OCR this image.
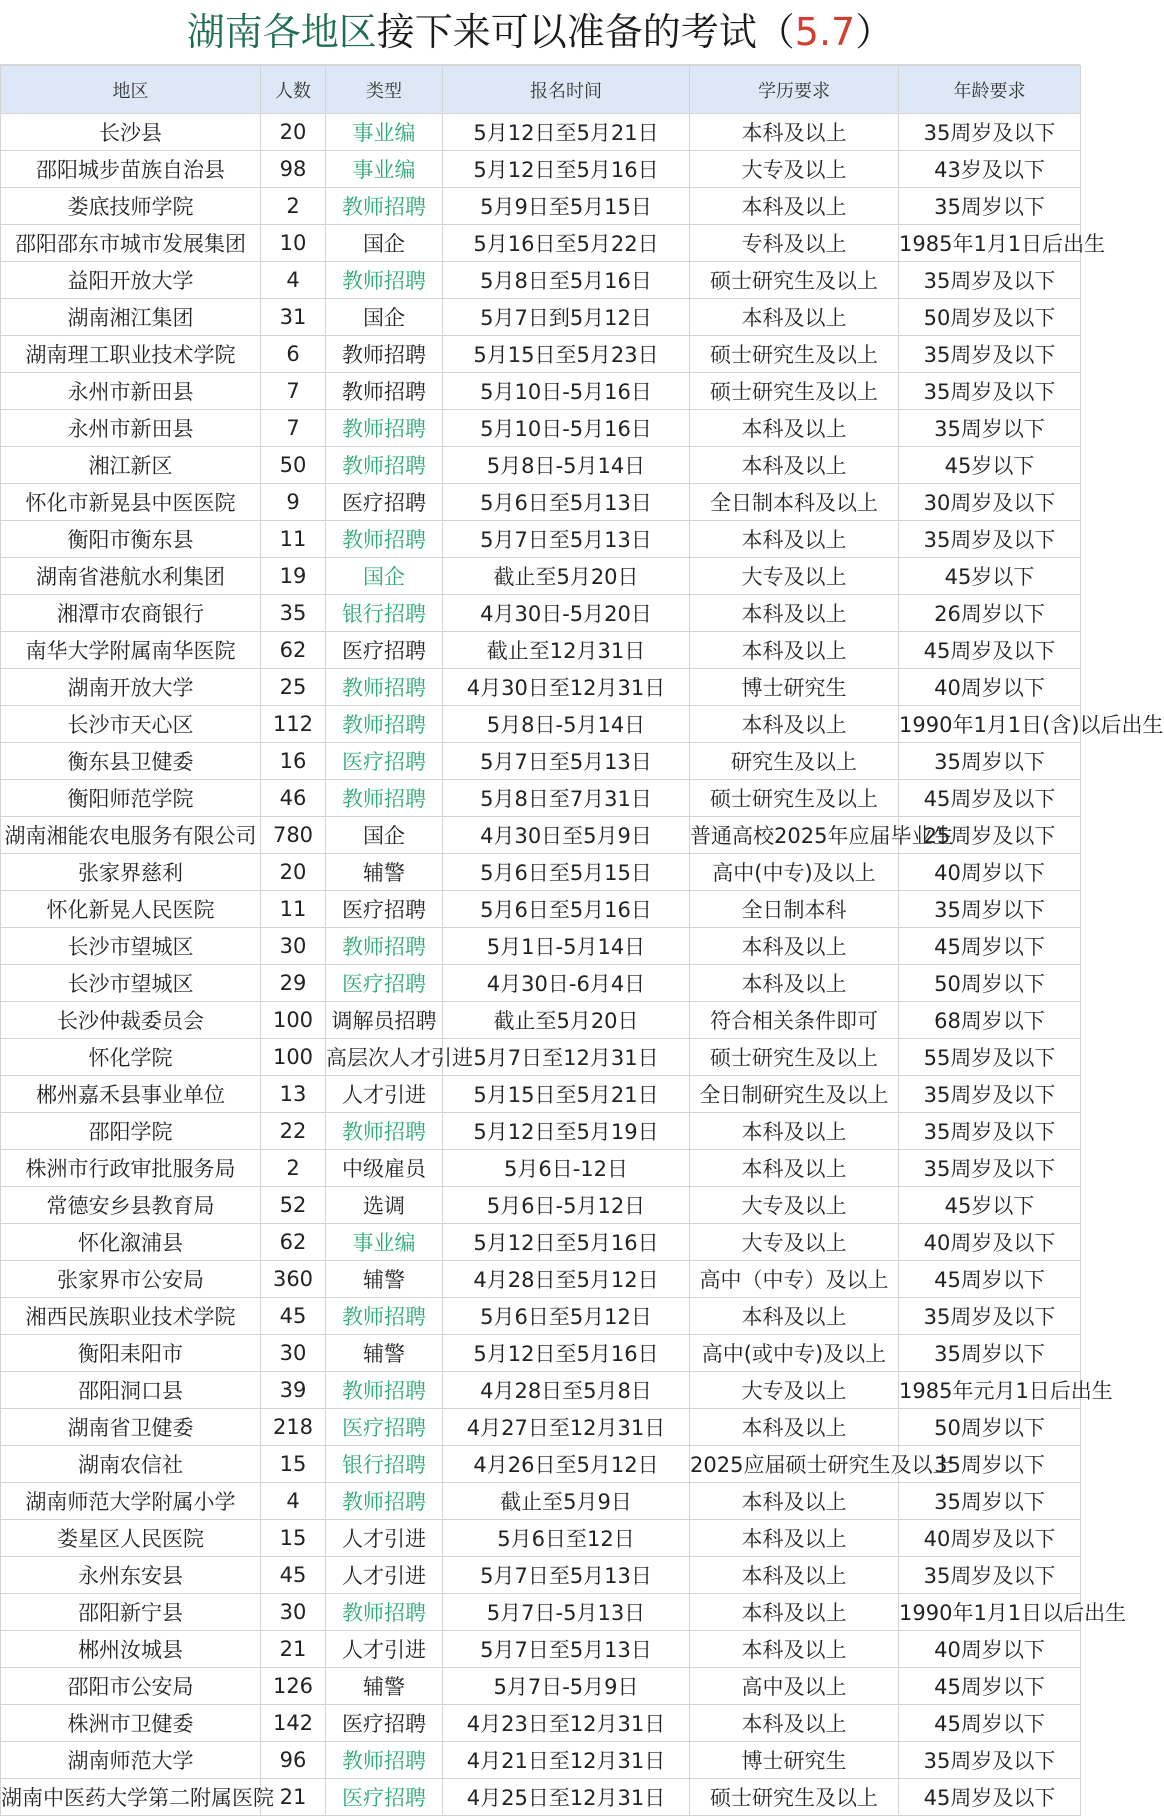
湖南各地区接下来可以准备的考试（5.7）
地区	人数	类型	报名时间	学历要求	年龄要求
长沙县	20	事业编	5月12日至5月21日	本科及以上	35周岁及以下
邵阳城步苗族自治县	98	事业编	5月12日至5月16日	大专及以上	43岁及以下
娄底技师学院	2	教师招聘	5月9日至5月15日	本科及以上	35周岁以下
邵阳邵东市城市发展集团	10	国企	5月16日至5月22日	专科及以上	1985年1月1日后出生
益阳开放大学	4	教师招聘	5月8日至5月16日	硕士研究生及以上	35周岁及以下
湖南湘江集团	31	国企	5月7日到5月12日	本科及以上	50周岁及以下
湖南理工职业技术学院	6	教师招聘	5月15日至5月23日	硕士研究生及以上	35周岁及以下
永州市新田县	7	教师招聘	5月10日-5月16日	硕士研究生及以上	35周岁及以下
永州市新田县	7	教师招聘	5月10日-5月16日	本科及以上	35周岁以下
湘江新区	50	教师招聘	5月8日-5月14日	本科及以上	45岁以下
怀化市新晃县中医医院	9	医疗招聘	5月6日至5月13日	全日制本科及以上	30周岁及以下
衡阳市衡东县	11	教师招聘	5月7日至5月13日	本科及以上	35周岁及以下
湖南省港航水利集团	19	国企	截止至5月20日	大专及以上	45岁以下
湘潭市农商银行	35	银行招聘	4月30日-5月20日	本科及以上	26周岁以下
南华大学附属南华医院	62	医疗招聘	截止至12月31日	本科及以上	45周岁及以下
湖南开放大学	25	教师招聘	4月30日至12月31日	博士研究生	40周岁以下
长沙市天心区	112	教师招聘	5月8日-5月14日	本科及以上	1990年1月1日(含)以后出生
衡东县卫健委	16	医疗招聘	5月7日至5月13日	研究生及以上	35周岁以下
衡阳师范学院	46	教师招聘	5月8日至7月31日	硕士研究生及以上	45周岁及以下
湖南湘能农电服务有限公司	780	国企	4月30日至5月9日	普通高校2025年应届毕业生	25周岁及以下
张家界慈利	20	辅警	5月6日至5月15日	高中(中专)及以上	40周岁以下
怀化新晃人民医院	11	医疗招聘	5月6日至5月16日	全日制本科	35周岁以下
长沙市望城区	30	教师招聘	5月1日-5月14日	本科及以上	45周岁以下
长沙市望城区	29	医疗招聘	4月30日-6月4日	本科及以上	50周岁以下
长沙仲裁委员会	100	调解员招聘	截止至5月20日	符合相关条件即可	68周岁以下
怀化学院	100	高层次人才引进	5月7日至12月31日	硕士研究生及以上	55周岁及以下
郴州嘉禾县事业单位	13	人才引进	5月15日至5月21日	全日制研究生及以上	35周岁及以下
邵阳学院	22	教师招聘	5月12日至5月19日	本科及以上	35周岁及以下
株洲市行政审批服务局	2	中级雇员	5月6日-12日	本科及以上	35周岁及以下
常德安乡县教育局	52	选调	5月6日-5月12日	大专及以上	45岁以下
怀化溆浦县	62	事业编	5月12日至5月16日	大专及以上	40周岁及以下
张家界市公安局	360	辅警	4月28日至5月12日	高中（中专）及以上	45周岁以下
湘西民族职业技术学院	45	教师招聘	5月6日至5月12日	本科及以上	35周岁及以下
衡阳耒阳市	30	辅警	5月12日至5月16日	高中(或中专)及以上	35周岁以下
邵阳洞口县	39	教师招聘	4月28日至5月8日	大专及以上	1985年元月1日后出生
湖南省卫健委	218	医疗招聘	4月27日至12月31日	本科及以上	50周岁以下
湖南农信社	15	银行招聘	4月26日至5月12日	2025应届硕士研究生及以上	35周岁以下
湖南师范大学附属小学	4	教师招聘	截止至5月9日	本科及以上	35周岁以下
娄星区人民医院	15	人才引进	5月6日至12日	本科及以上	40周岁及以下
永州东安县	45	人才引进	5月7日至5月13日	本科及以上	35周岁及以下
邵阳新宁县	30	教师招聘	5月7日-5月13日	本科及以上	1990年1月1日以后出生
郴州汝城县	21	人才引进	5月7日至5月13日	本科及以上	40周岁以下
邵阳市公安局	126	辅警	5月7日-5月9日	高中及以上	45周岁以下
株洲市卫健委	142	医疗招聘	4月23日至12月31日	本科及以上	45周岁以下
湖南师范大学	96	教师招聘	4月21日至12月31日	博士研究生	35周岁及以下
湖南中医药大学第二附属医院	21	医疗招聘	4月25日至12月31日	硕士研究生及以上	45周岁及以下
